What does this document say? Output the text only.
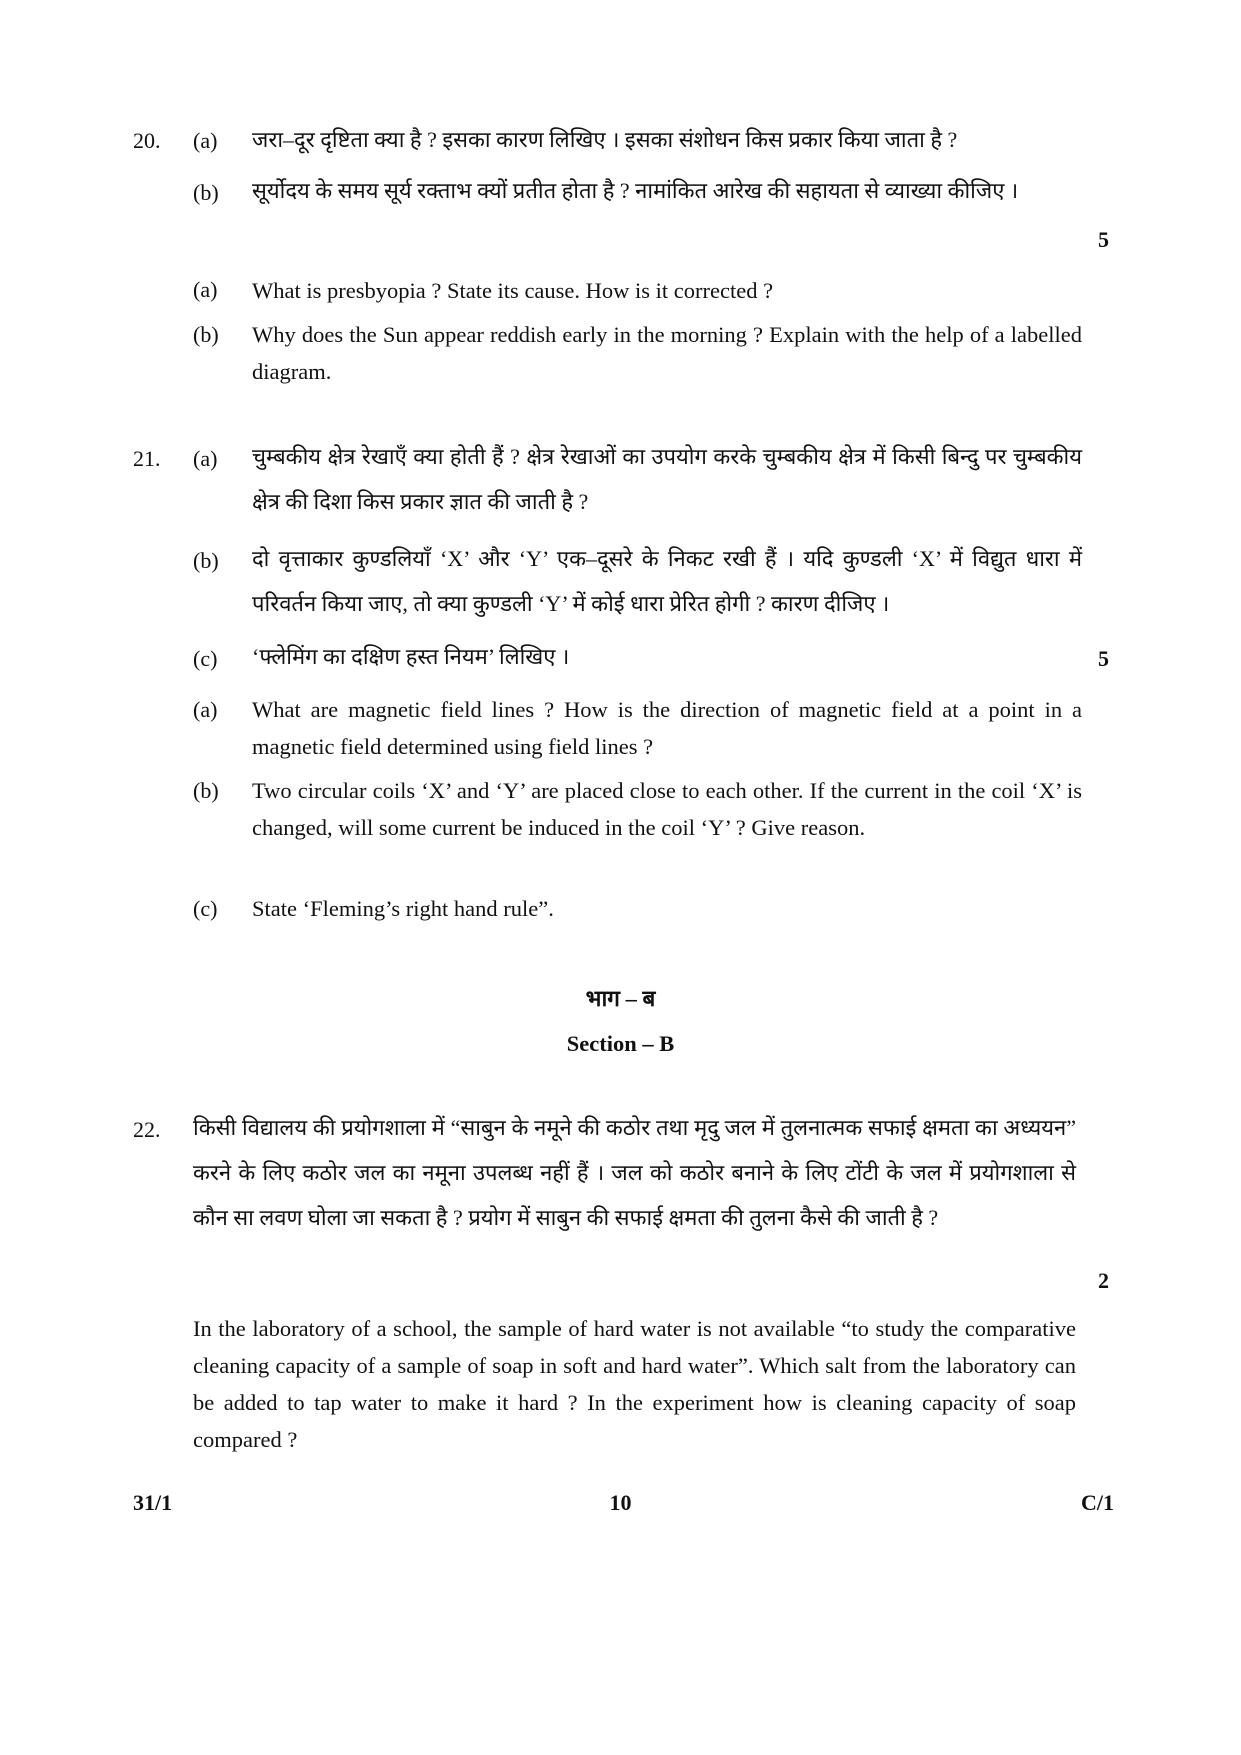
20. (a) जरा–दूर दृष्टिता क्या है ? इसका कारण लिखिए । इसका संशोधन किस प्रकार किया जाता है ?
(b) सूर्योदय के समय सूर्य रक्ताभ क्यों प्रतीत होता है ? नामांकित आरेख की सहायता से व्याख्या कीजिए ।
5
(a) What is presbyopia ? State its cause. How is it corrected ?
(b) Why does the Sun appear reddish early in the morning ? Explain with the help of a labelled diagram.
21. (a) चुम्बकीय क्षेत्र रेखाएँ क्या होती हैं ? क्षेत्र रेखाओं का उपयोग करके चुम्बकीय क्षेत्र में किसी बिन्दु पर चुम्बकीय क्षेत्र की दिशा किस प्रकार ज्ञात की जाती है ?
(b) दो वृत्ताकार कुण्डलियाँ ‘X’ और ‘Y’ एक–दूसरे के निकट रखी हैं । यदि कुण्डली ‘X’ में विद्युत धारा में परिवर्तन किया जाए, तो क्या कुण्डली ‘Y’ में कोई धारा प्रेरित होगी ? कारण दीजिए ।
(c) ‘फ्लेमिंग का दक्षिण हस्त नियम’ लिखिए ।	5
(a) What are magnetic field lines ? How is the direction of magnetic field at a point in a magnetic field determined using field lines ?
(b) Two circular coils ‘X’ and ‘Y’ are placed close to each other. If the current in the coil ‘X’ is changed, will some current be induced in the coil ‘Y’ ? Give reason.
(c) State ‘Fleming’s right hand rule”.
भाग – ब
Section – B
22. किसी विद्यालय की प्रयोगशाला में “साबुन के नमूने की कठोर तथा मृदु जल में तुलनात्मक सफाई क्षमता का अध्ययन” करने के लिए कठोर जल का नमूना उपलब्ध नहीं हैं । जल को कठोर बनाने के लिए टोंटी के जल में प्रयोगशाला से कौन सा लवण घोला जा सकता है ? प्रयोग में साबुन की सफाई क्षमता की तुलना कैसे की जाती है ?
2
In the laboratory of a school, the sample of hard water is not available “to study the comparative cleaning capacity of a sample of soap in soft and hard water”. Which salt from the laboratory can be added to tap water to make it hard ? In the experiment how is cleaning capacity of soap compared ?
31/1	10	C/1
